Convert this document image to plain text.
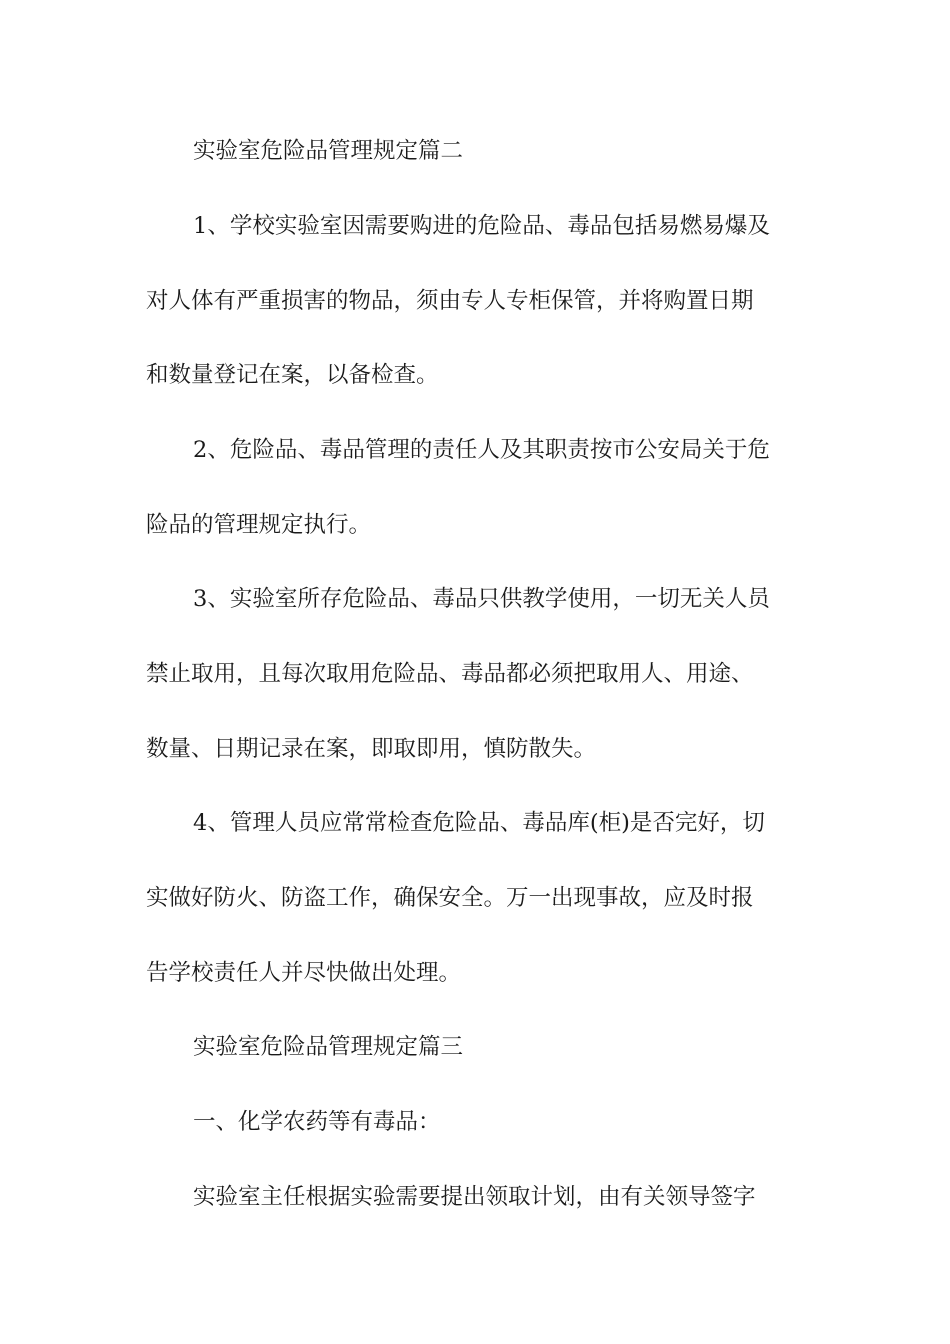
实验室危险品管理规定篇二
1、学校实验室因需要购进的危险品、毒品包括易燃易爆及
对人体有严重损害的物品，须由专人专柜保管，并将购置日期
和数量登记在案，以备检查。
2、危险品、毒品管理的责任人及其职责按市公安局关于危
险品的管理规定执行。
3、实验室所存危险品、毒品只供教学使用，一切无关人员
禁止取用，且每次取用危险品、毒品都必须把取用人、用途、
数量、日期记录在案，即取即用，慎防散失。
4、管理人员应常常检查危险品、毒品库(柜)是否完好，切
实做好防火、防盗工作，确保安全。万一出现事故，应及时报
告学校责任人并尽快做出处理。
实验室危险品管理规定篇三
一、化学农药等有毒品：
实验室主任根据实验需要提出领取计划，由有关领导签字
